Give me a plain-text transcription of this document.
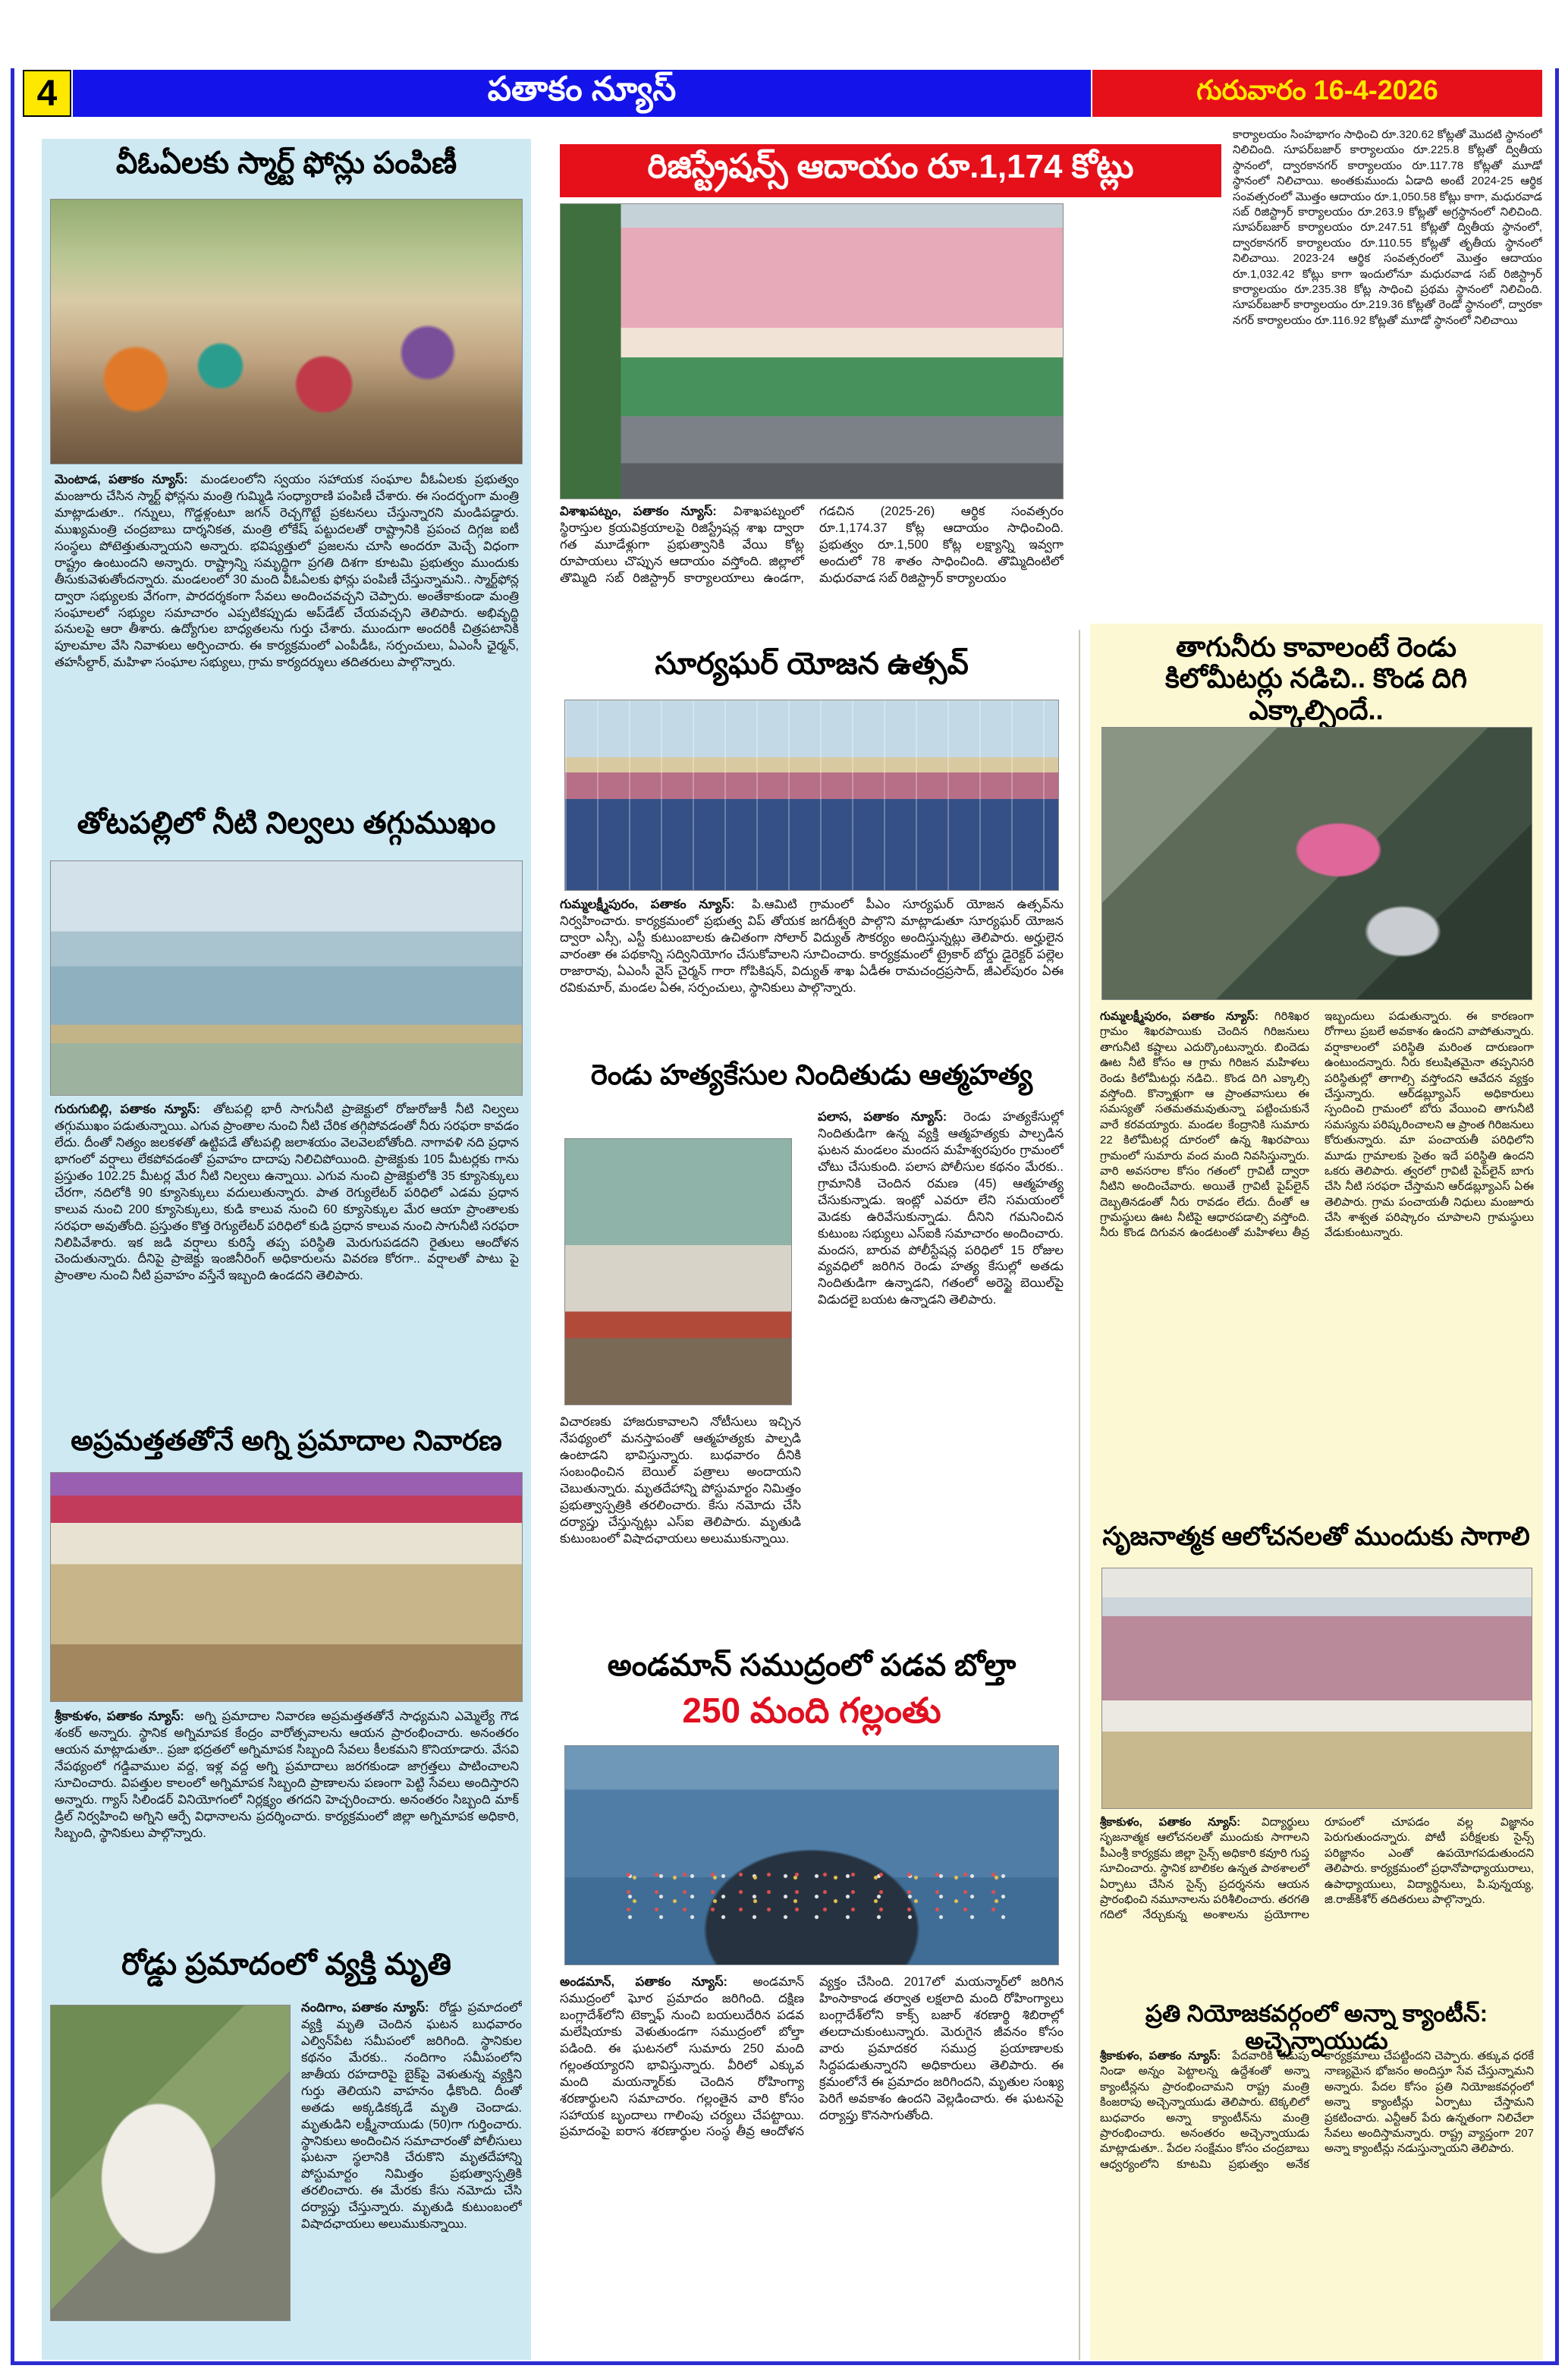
4	పతాకం న్యూస్	గురువారం 16-4-2026
వీఓఏలకు స్మార్ట్ ఫోన్లు పంపిణీ
మెంటాడ, పతాకం న్యూస్: మండలంలోని స్వయం సహాయక సంఘాల వీఓఏలకు ప్రభుత్వం మంజూరు చేసిన స్మార్ట్ ఫోన్లను మంత్రి గుమ్మిడి సంధ్యారాణి పంపిణీ చేశారు. ఈ సందర్భంగా మంత్రి మాట్లాడుతూ.. గన్నులు, గొడ్డళ్లంటూ జగన్ రెచ్చగొట్టే ప్రకటనలు చేస్తున్నారని మండిపడ్డారు. ముఖ్యమంత్రి చంద్రబాబు దార్శనికత, మంత్రి లోకేష్ పట్టుదలతో రాష్ట్రానికి ప్రపంచ దిగ్గజ ఐటీ సంస్థలు పోటెత్తుతున్నాయని అన్నారు. భవిష్యత్తులో ప్రజలను చూసి అందరూ మెచ్చే విధంగా రాష్ట్రం ఉంటుందని అన్నారు. రాష్ట్రాన్ని సమృద్ధిగా ప్రగతి దిశగా కూటమి ప్రభుత్వం ముందుకు తీసుకువెళుతోందన్నారు. మండలంలో 30 మంది వీఓఏలకు ఫోన్లు పంపిణీ చేస్తున్నామని.. స్మార్ట్‌ఫోన్ల ద్వారా సభ్యులకు వేగంగా, పారదర్శకంగా సేవలు అందించవచ్చని చెప్పారు. అంతేకాకుండా మంత్రి సంఘాలలో సభ్యుల సమాచారం ఎప్పటికప్పుడు అప్‌డేట్ చేయవచ్చని తెలిపారు. అభివృద్ధి పనులపై ఆరా తీశారు. ఉద్యోగుల బాధ్యతలను గుర్తు చేశారు. ముందుగా అందరికీ చిత్రపటానికి పూలమాల వేసి నివాళులు అర్పించారు. ఈ కార్యక్రమంలో ఎంపీడీఓ, సర్పంచులు, ఏఎంసీ ఛైర్మన్, తహసీల్దార్, మహిళా సంఘాల సభ్యులు, గ్రామ కార్యదర్శులు తదితరులు పాల్గొన్నారు.
తోటపల్లిలో నీటి నిల్వలు తగ్గుముఖం
గురుగుబిల్లి, పతాకం న్యూస్: తోటపల్లి భారీ సాగునీటి ప్రాజెక్టులో రోజురోజుకీ నీటి నిల్వలు తగ్గుముఖం పడుతున్నాయి. ఎగువ ప్రాంతాల నుంచి నీటి చేరిక తగ్గిపోవడంతో నీరు సరఫరా కావడం లేదు. దీంతో నిత్యం జలకళతో ఉట్టిపడే తోటపల్లి జలాశయం వెలవెలబోతోంది. నాగావళి నది ప్రధాన భాగంలో వర్షాలు లేకపోవడంతో ప్రవాహం దాదాపు నిలిచిపోయింది. ప్రాజెక్టుకు 105 మీటర్లకు గాను ప్రస్తుతం 102.25 మీటర్ల మేర నీటి నిల్వలు ఉన్నాయి. ఎగువ నుంచి ప్రాజెక్టులోకి 35 క్యూసెక్కులు చేరగా, నదిలోకి 90 క్యూసెక్కులు వదులుతున్నారు. పాత రెగ్యులేటర్ పరిధిలో ఎడమ ప్రధాన కాలువ నుంచి 200 క్యూసెక్కులు, కుడి కాలువ నుంచి 60 క్యూసెక్కుల మేర ఆయా ప్రాంతాలకు సరఫరా అవుతోంది. ప్రస్తుతం కొత్త రెగ్యులేటర్ పరిధిలో కుడి ప్రధాన కాలువ నుంచి సాగునీటి సరఫరా నిలిపివేశారు. ఇక జడి వర్షాలు కురిస్తే తప్ప పరిస్థితి మెరుగుపడదని రైతులు ఆందోళన చెందుతున్నారు. దీనిపై ప్రాజెక్టు ఇంజినీరింగ్ అధికారులను వివరణ కోరగా.. వర్షాలతో పాటు పై ప్రాంతాల నుంచి నీటి ప్రవాహం వస్తేనే ఇబ్బంది ఉండదని తెలిపారు.
అప్రమత్తతతోనే అగ్ని ప్రమాదాల నివారణ
శ్రీకాకుళం, పతాకం న్యూస్: అగ్ని ప్రమాదాల నివారణ అప్రమత్తతతోనే సాధ్యమని ఎమ్మెల్యే గౌడ శంకర్ అన్నారు. స్థానిక అగ్నిమాపక కేంద్రం వారోత్సవాలను ఆయన ప్రారంభించారు. అనంతరం ఆయన మాట్లాడుతూ.. ప్రజా భద్రతలో అగ్నిమాపక సిబ్బంది సేవలు కీలకమని కొనియాడారు. వేసవి నేపథ్యంలో గడ్డివాముల వద్ద, ఇళ్ల వద్ద అగ్ని ప్రమాదాలు జరగకుండా జాగ్రత్తలు పాటించాలని సూచించారు. విపత్తుల కాలంలో అగ్నిమాపక సిబ్బంది ప్రాణాలను పణంగా పెట్టి సేవలు అందిస్తారని అన్నారు. గ్యాస్ సిలిండర్ వినియోగంలో నిర్లక్ష్యం తగదని హెచ్చరించారు. అనంతరం సిబ్బంది మాక్ డ్రిల్ నిర్వహించి అగ్నిని ఆర్పే విధానాలను ప్రదర్శించారు. కార్యక్రమంలో జిల్లా అగ్నిమాపక అధికారి, సిబ్బంది, స్థానికులు పాల్గొన్నారు.
రోడ్డు ప్రమాదంలో వ్యక్తి మృతి
నందిగాం, పతాకం న్యూస్: రోడ్డు ప్రమాదంలో వ్యక్తి మృతి చెందిన ఘటన బుధవారం ఎల్విన్‌పేట సమీపంలో జరిగింది. స్థానికుల కథనం మేరకు.. నందిగాం సమీపంలోని జాతీయ రహదారిపై బైక్‌పై వెళుతున్న వ్యక్తిని గుర్తు తెలియని వాహనం ఢీకొంది. దీంతో అతడు అక్కడికక్కడే మృతి చెందాడు. మృతుడిని లక్ష్మీనాయుడు (50)గా గుర్తించారు. స్థానికులు అందించిన సమాచారంతో పోలీసులు ఘటనా స్థలానికి చేరుకొని మృతదేహాన్ని పోస్టుమార్టం నిమిత్తం ప్రభుత్వాస్పత్రికి తరలించారు. ఈ మేరకు కేసు నమోదు చేసి దర్యాప్తు చేస్తున్నారు. మృతుడి కుటుంబంలో విషాదఛాయలు అలుముకున్నాయి.
రిజిస్ట్రేషన్స్ ఆదాయం రూ.1,174 కోట్లు
కార్యాలయం సింహభాగం సాధించి రూ.320.62 కోట్లతో మొదటి స్థానంలో నిలిచింది. సూపర్‌బజార్ కార్యాలయం రూ.225.8 కోట్లతో ద్వితీయ స్థానంలో, ద్వారకానగర్ కార్యాలయం రూ.117.78 కోట్లతో మూడో స్థానంలో నిలిచాయి. అంతకుముందు ఏడాది అంటే 2024-25 ఆర్థిక సంవత్సరంలో మొత్తం ఆదాయం రూ.1,050.58 కోట్లు కాగా, మధురవాడ సబ్ రిజిస్ట్రార్ కార్యాలయం రూ.263.9 కోట్లతో అగ్రస్థానంలో నిలిచింది. సూపర్‌బజార్ కార్యాలయం రూ.247.51 కోట్లతో ద్వితీయ స్థానంలో, ద్వారకానగర్ కార్యాలయం రూ.110.55 కోట్లతో తృతీయ స్థానంలో నిలిచాయి. 2023-24 ఆర్థిక సంవత్సరంలో మొత్తం ఆదాయం రూ.1,032.42 కోట్లు కాగా ఇందులోనూ మధురవాడ సబ్ రిజిస్ట్రార్ కార్యాలయం రూ.235.38 కోట్ల సాధించి ప్రథమ స్థానంలో నిలిచింది. సూపర్‌బజార్ కార్యాలయం రూ.219.36 కోట్లతో రెండో స్థానంలో, ద్వారకా నగర్ కార్యాలయం రూ.116.92 కోట్లతో మూడో స్థానంలో నిలిచాయి
విశాఖపట్నం, పతాకం న్యూస్: విశాఖపట్నంలో స్థిరాస్తుల క్రయవిక్రయాలపై రిజిస్ట్రేషన్ల శాఖ ద్వారా గత మూడేళ్లుగా ప్రభుత్వానికి వేయి కోట్ల రూపాయలు చొప్పున ఆదాయం వస్తోంది. జిల్లాలో తొమ్మిది సబ్ రిజిస్ట్రార్ కార్యాలయాలు ఉండగా, గడచిన (2025-26) ఆర్థిక సంవత్సరం రూ.1,174.37 కోట్ల ఆదాయం సాధించింది. ప్రభుత్వం రూ.1,500 కోట్ల లక్ష్యాన్ని ఇవ్వగా అందులో 78 శాతం సాధించింది. తొమ్మిదింటిలో మధురవాడ సబ్ రిజిస్ట్రార్ కార్యాలయం
సూర్యఘర్ యోజన ఉత్సవ్
గుమ్మలక్ష్మీపురం, పతాకం న్యూస్: పి.ఆమిటి గ్రామంలో పీఎం సూర్యఘర్ యోజన ఉత్సవ్‌ను నిర్వహించారు. కార్యక్రమంలో ప్రభుత్వ విప్ తోయక జగదీశ్వరి పాల్గొని మాట్లాడుతూ సూర్యఘర్ యోజన ద్వారా ఎస్సీ, ఎస్టీ కుటుంబాలకు ఉచితంగా సోలార్ విద్యుత్ సౌకర్యం అందిస్తున్నట్లు తెలిపారు. అర్హులైన వారంతా ఈ పథకాన్ని సద్వినియోగం చేసుకోవాలని సూచించారు. కార్యక్రమంలో ట్రైకార్ బోర్డు డైరెక్టర్ పల్లెల రాజారావు, ఏఎంసీ వైస్ చైర్మన్ గారా గోపికిషన్, విద్యుత్ శాఖ ఏడీఈ రామచంద్రప్రసాద్, జీఎల్‌పురం ఏఈ రవికుమార్, మండల ఏఈ, సర్పంచులు, స్థానికులు పాల్గొన్నారు.
రెండు హత్యకేసుల నిందితుడు ఆత్మహత్య
విచారణకు హాజరుకావాలని నోటీసులు ఇచ్చిన నేపథ్యంలో మనస్తాపంతో ఆత్మహత్యకు పాల్పడి ఉంటాడని భావిస్తున్నారు. బుధవారం దీనికి సంబంధించిన బెయిల్ పత్రాలు అందాయని చెబుతున్నారు. మృతదేహాన్ని పోస్టుమార్టం నిమిత్తం ప్రభుత్వాస్పత్రికి తరలించారు. కేసు నమోదు చేసి దర్యాప్తు చేస్తున్నట్లు ఎస్ఐ తెలిపారు. మృతుడి కుటుంబంలో విషాదఛాయలు అలుముకున్నాయి.
పలాస, పతాకం న్యూస్: రెండు హత్యకేసుల్లో నిందితుడిగా ఉన్న వ్యక్తి ఆత్మహత్యకు పాల్పడిన ఘటన మండలం మందస మహేశ్వరపురం గ్రామంలో చోటు చేసుకుంది. పలాస పోలీసుల కథనం మేరకు.. గ్రామానికి చెందిన రమణ (45) ఆత్మహత్య చేసుకున్నాడు. ఇంట్లో ఎవరూ లేని సమయంలో మెడకు ఉరివేసుకున్నాడు. దీనిని గమనించిన కుటుంబ సభ్యులు ఎస్ఐకి సమాచారం అందించారు. మందస, బారువ పోలీస్టేషన్ల పరిధిలో 15 రోజుల వ్యవధిలో జరిగిన రెండు హత్య కేసుల్లో అతడు నిందితుడిగా ఉన్నాడని, గతంలో అరెస్టై బెయిల్‌పై విడుదలై బయట ఉన్నాడని తెలిపారు.
అండమాన్ సముద్రంలో పడవ బోల్తా
250 మంది గల్లంతు
అండమాన్, పతాకం న్యూస్: అండమాన్ సముద్రంలో ఘోర ప్రమాదం జరిగింది. దక్షిణ బంగ్లాదేశ్‌లోని టెక్నాఫ్ నుంచి బయలుదేరిన పడవ మలేషియాకు వెళుతుండగా సముద్రంలో బోల్తా పడింది. ఈ ఘటనలో సుమారు 250 మంది గల్లంతయ్యారని భావిస్తున్నారు. వీరిలో ఎక్కువ మంది మయన్మార్‌కు చెందిన రోహింగ్యా శరణార్థులని సమాచారం. గల్లంతైన వారి కోసం సహాయక బృందాలు గాలింపు చర్యలు చేపట్టాయి. ప్రమాదంపై ఐరాస శరణార్థుల సంస్థ తీవ్ర ఆందోళన వ్యక్తం చేసింది. 2017లో మయన్మార్‌లో జరిగిన హింసాకాండ తర్వాత లక్షలాది మంది రోహింగ్యాలు బంగ్లాదేశ్‌లోని కాక్స్ బజార్ శరణార్థి శిబిరాల్లో తలదాచుకుంటున్నారు. మెరుగైన జీవనం కోసం వారు ప్రమాదకర సముద్ర ప్రయాణాలకు సిద్ధపడుతున్నారని అధికారులు తెలిపారు. ఈ క్రమంలోనే ఈ ప్రమాదం జరిగిందని, మృతుల సంఖ్య పెరిగే అవకాశం ఉందని వెల్లడించారు. ఈ ఘటనపై దర్యాప్తు కొనసాగుతోంది.
తాగునీరు కావాలంటే రెండు
కిలోమీటర్లు నడిచి.. కొండ దిగి ఎక్కాల్సిందే..
గుమ్మలక్ష్మీపురం, పతాకం న్యూస్: గిరిశిఖర గ్రామం శిఖరపాయికు చెందిన గిరిజనులు తాగునీటి కష్టాలు ఎదుర్కొంటున్నారు. బిందెడు ఊట నీటి కోసం ఆ గ్రామ గిరిజన మహిళలు రెండు కిలోమీటర్లు నడిచి.. కొండ దిగి ఎక్కాల్సి వస్తోంది. కొన్నాళ్లుగా ఆ ప్రాంతవాసులు ఈ సమస్యతో సతమతమవుతున్నా పట్టించుకునే వారే కరవయ్యారు. మండల కేంద్రానికి సుమారు 22 కిలోమీటర్ల దూరంలో ఉన్న శిఖరపాయి గ్రామంలో సుమారు వంద మంది నివసిస్తున్నారు. వారి అవసరాల కోసం గతంలో గ్రావిటీ ద్వారా నీటిని అందించేవారు. అయితే గ్రావిటీ పైప్‌లైన్ దెబ్బతినడంతో నీరు రావడం లేదు. దీంతో ఆ గ్రామస్థులు ఊట నీటిపై ఆధారపడాల్సి వస్తోంది. నీరు కొండ దిగువన ఉండటంతో మహిళలు తీవ్ర ఇబ్బందులు పడుతున్నారు. ఈ కారణంగా రోగాలు ప్రబలే అవకాశం ఉందని వాపోతున్నారు. వర్షాకాలంలో పరిస్థితి మరింత దారుణంగా ఉంటుందన్నారు. నీరు కలుషితమైనా తప్పనిసరి పరిస్థితుల్లో తాగాల్సి వస్తోందని ఆవేదన వ్యక్తం చేస్తున్నారు. ఆర్‌డబ్ల్యూఎస్ అధికారులు స్పందించి గ్రామంలో బోరు వేయించి తాగునీటి సమస్యను పరిష్కరించాలని ఆ ప్రాంత గిరిజనులు కోరుతున్నారు. మా పంచాయతీ పరిధిలోని మూడు గ్రామాలకు సైతం ఇదే పరిస్థితి ఉందని ఒకరు తెలిపారు. త్వరలో గ్రావిటీ పైప్‌లైన్ బాగు చేసి నీటి సరఫరా చేస్తామని ఆర్‌డబ్ల్యూఎస్ ఏఈ తెలిపారు. గ్రామ పంచాయతీ నిధులు మంజూరు చేసి శాశ్వత పరిష్కారం చూపాలని గ్రామస్థులు వేడుకుంటున్నారు.
సృజనాత్మక ఆలోచనలతో ముందుకు సాగాలి
శ్రీకాకుళం, పతాకం న్యూస్: విద్యార్థులు సృజనాత్మక ఆలోచనలతో ముందుకు సాగాలని పీఎంశ్రీ కార్యక్రమ జిల్లా సైన్స్ అధికారి కవూరి గుప్త సూచించారు. స్థానిక బాలికల ఉన్నత పాఠశాలలో ఏర్పాటు చేసిన సైన్స్ ప్రదర్శనను ఆయన ప్రారంభించి నమూనాలను పరిశీలించారు. తరగతి గదిలో నేర్చుకున్న అంశాలను ప్రయోగాల రూపంలో చూపడం వల్ల విజ్ఞానం పెరుగుతుందన్నారు. పోటీ పరీక్షలకు సైన్స్ పరిజ్ఞానం ఎంతో ఉపయోగపడుతుందని తెలిపారు. కార్యక్రమంలో ప్రధానోపాధ్యాయురాలు, ఉపాధ్యాయులు, విద్యార్థినులు, పి.పున్నయ్య, జి.రాజ్‌కిశోర్ తదితరులు పాల్గొన్నారు.
ప్రతి నియోజకవర్గంలో అన్నా క్యాంటీన్: అచ్చెన్నాయుడు
శ్రీకాకుళం, పతాకం న్యూస్: పేదవారికి కడుపు నిండా అన్నం పెట్టాలన్న ఉద్దేశంతో అన్నా క్యాంటీన్లను ప్రారంభించామని రాష్ట్ర మంత్రి కింజరాపు అచ్చెన్నాయుడు తెలిపారు. టెక్కలిలో బుధవారం అన్నా క్యాంటీన్‌ను మంత్రి ప్రారంభించారు. అనంతరం అచ్చెన్నాయుడు మాట్లాడుతూ.. పేదల సంక్షేమం కోసం చంద్రబాబు ఆధ్వర్యంలోని కూటమి ప్రభుత్వం అనేక కార్యక్రమాలు చేపట్టిందని చెప్పారు. తక్కువ ధరకే నాణ్యమైన భోజనం అందిస్తూ సేవ చేస్తున్నామని అన్నారు. పేదల కోసం ప్రతి నియోజకవర్గంలో అన్నా క్యాంటీన్లు ఏర్పాటు చేస్తామని ప్రకటించారు. ఎన్టీఆర్ పేరు ఉన్నతంగా నిలిచేలా సేవలు అందిస్తామన్నారు. రాష్ట్ర వ్యాప్తంగా 207 అన్నా క్యాంటీన్లు నడుస్తున్నాయని తెలిపారు.
